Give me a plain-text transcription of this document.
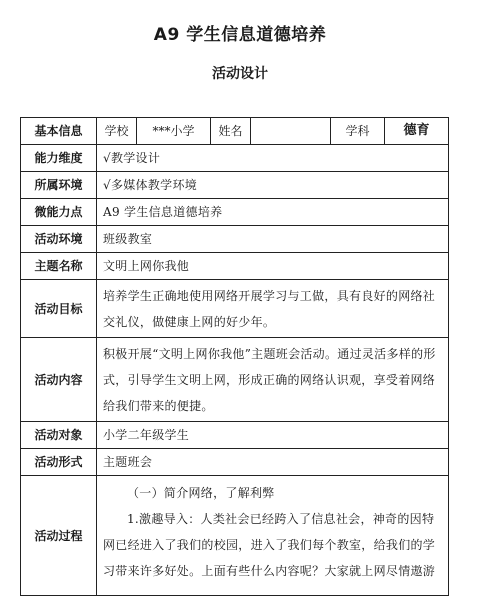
A9 学生信息道德培养
活动设计
基本信息	学校	***小学	姓名		学科	德育
能力维度	√教学设计					
所属环境	√多媒体教学环境					
微能力点	A9 学生信息道德培养					
活动环境	班级教室					
主题名称	文明上网你我他					
活动目标	培养学生正确地使用网络开展学习与工做，具有良好的网络社交礼仪，做健康上网的好少年。					
活动内容	积极开展“文明上网你我他”主题班会活动。通过灵活多样的形式，引导学生文明上网，形成正确的网络认识观，享受着网络给我们带来的便捷。					
活动对象	小学二年级学生					
活动形式	主题班会					
活动过程	（一）简介网络，了解利弊
1.激趣导入：人类社会已经跨入了信息社会，神奇的因特网已经进入了我们的校园，进入了我们每个教室，给我们的学习带来许多好处。上面有些什么内容呢？大家就上网尽情遨游					
